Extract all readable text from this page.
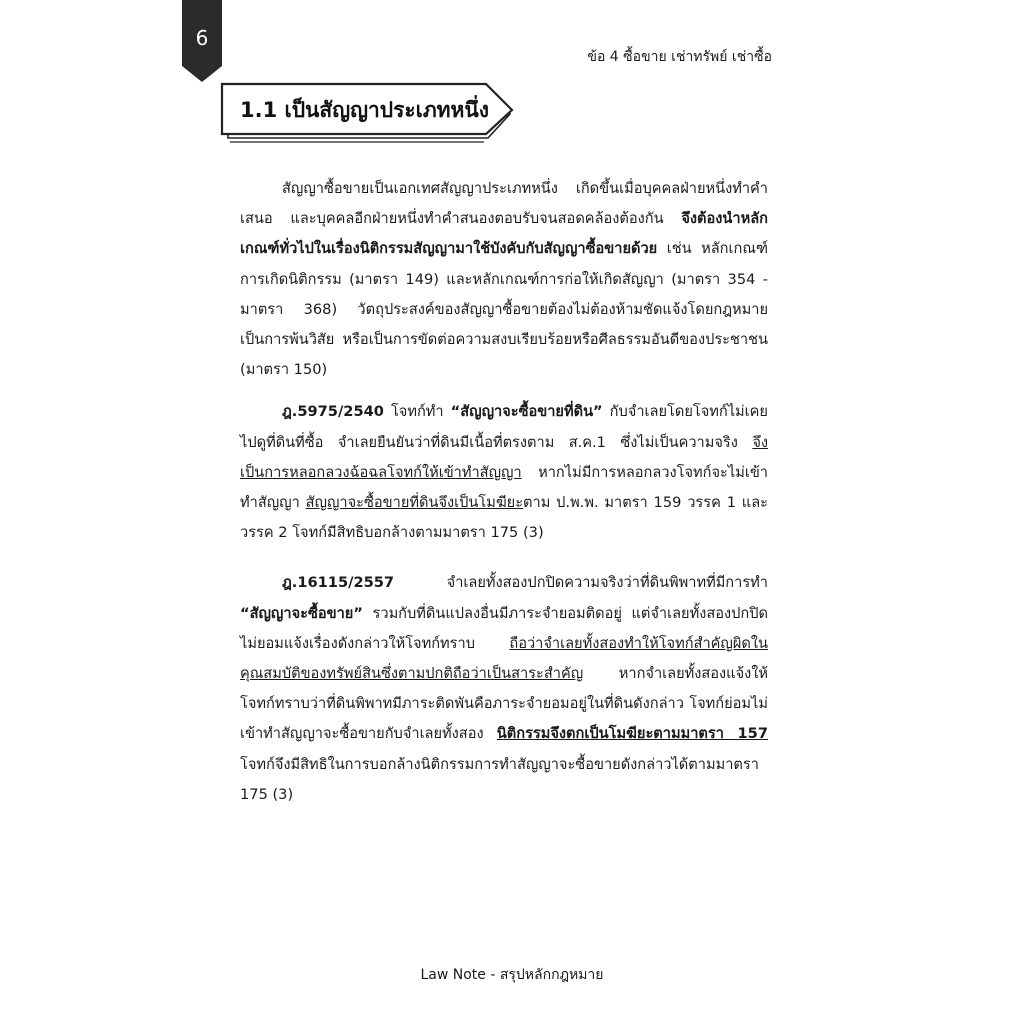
6
ข้อ 4 ซื้อขาย เช่าทรัพย์ เช่าซื้อ
1.1 เป็นสัญญาประเภทหนึ่ง

สัญญาซื้อขายเป็นเอกเทศสัญญาประเภทหนึ่ง เกิดขึ้นเมื่อบุคคลฝ่ายหนึ่งทำคำเสนอ และบุคคลอีกฝ่ายหนึ่งทำคำสนองตอบรับจนสอดคล้องต้องกัน จึงต้องนำหลักเกณฑ์ทั่วไปในเรื่องนิติกรรมสัญญามาใช้บังคับกับสัญญาซื้อขายด้วย เช่น หลักเกณฑ์การเกิดนิติกรรม (มาตรา 149) และหลักเกณฑ์การก่อให้เกิดสัญญา (มาตรา 354 - มาตรา 368) วัตถุประสงค์ของสัญญาซื้อขายต้องไม่ต้องห้ามชัดแจ้งโดยกฎหมาย เป็นการพ้นวิสัย หรือเป็นการขัดต่อความสงบเรียบร้อยหรือศีลธรรมอันดีของประชาชน (มาตรา 150)

ฎ.5975/2540 โจทก์ทำ “สัญญาจะซื้อขายที่ดิน” กับจำเลยโดยโจทก์ไม่เคยไปดูที่ดินที่ซื้อ จำเลยยืนยันว่าที่ดินมีเนื้อที่ตรงตาม ส.ค.1 ซึ่งไม่เป็นความจริง จึงเป็นการหลอกลวงฉ้อฉลโจทก์ให้เข้าทำสัญญา หากไม่มีการหลอกลวงโจทก์จะไม่เข้าทำสัญญา สัญญาจะซื้อขายที่ดินจึงเป็นโมฆียะตาม ป.พ.พ. มาตรา 159 วรรค 1 และวรรค 2 โจทก์มีสิทธิบอกล้างตามมาตรา 175 (3)

ฎ.16115/2557 จำเลยทั้งสองปกปิดความจริงว่าที่ดินพิพาทที่มีการทำ “สัญญาจะซื้อขาย” รวมกับที่ดินแปลงอื่นมีภาระจำยอมติดอยู่ แต่จำเลยทั้งสองปกปิดไม่ยอมแจ้งเรื่องดังกล่าวให้โจทก์ทราบ ถือว่าจำเลยทั้งสองทำให้โจทก์สำคัญผิดในคุณสมบัติของทรัพย์สินซึ่งตามปกติถือว่าเป็นสาระสำคัญ หากจำเลยทั้งสองแจ้งให้โจทก์ทราบว่าที่ดินพิพาทมีภาระติดพันคือภาระจำยอมอยู่ในที่ดินดังกล่าว โจทก์ย่อมไม่เข้าทำสัญญาจะซื้อขายกับจำเลยทั้งสอง นิติกรรมจึงตกเป็นโมฆียะตามมาตรา 157 โจทก์จึงมีสิทธิในการบอกล้างนิติกรรมการทำสัญญาจะซื้อขายดังกล่าวได้ตามมาตรา 175 (3)

Law Note - สรุปหลักกฎหมาย
